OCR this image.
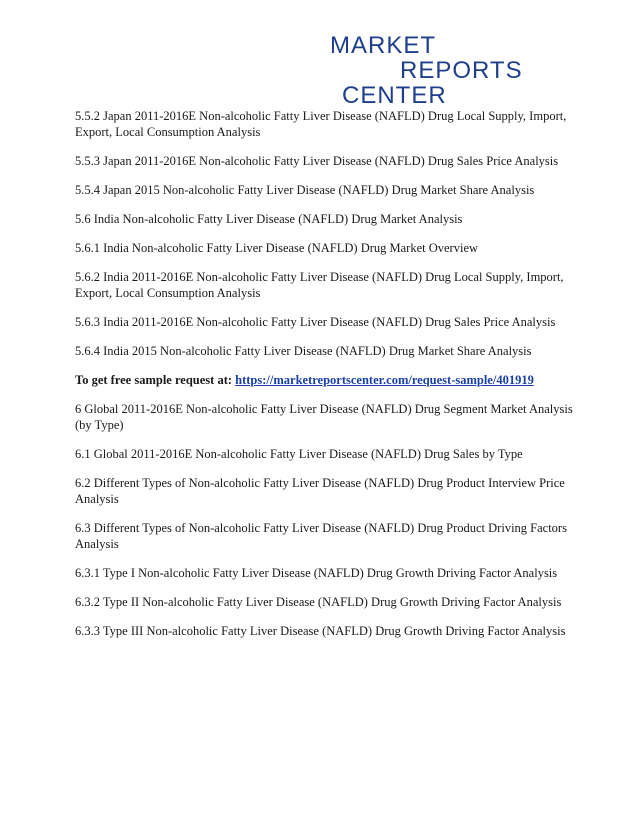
MARKET
REPORTS
CENTER

5.5.2 Japan 2011-2016E Non-alcoholic Fatty Liver Disease (NAFLD) Drug Local Supply, Import, Export, Local Consumption Analysis

5.5.3 Japan 2011-2016E Non-alcoholic Fatty Liver Disease (NAFLD) Drug Sales Price Analysis

5.5.4 Japan 2015 Non-alcoholic Fatty Liver Disease (NAFLD) Drug Market Share Analysis

5.6 India Non-alcoholic Fatty Liver Disease (NAFLD) Drug Market Analysis

5.6.1 India Non-alcoholic Fatty Liver Disease (NAFLD) Drug Market Overview

5.6.2 India 2011-2016E Non-alcoholic Fatty Liver Disease (NAFLD) Drug Local Supply, Import, Export, Local Consumption Analysis

5.6.3 India 2011-2016E Non-alcoholic Fatty Liver Disease (NAFLD) Drug Sales Price Analysis

5.6.4 India 2015 Non-alcoholic Fatty Liver Disease (NAFLD) Drug Market Share Analysis

To get free sample request at: https://marketreportscenter.com/request-sample/401919

6 Global 2011-2016E Non-alcoholic Fatty Liver Disease (NAFLD) Drug Segment Market Analysis (by Type)

6.1 Global 2011-2016E Non-alcoholic Fatty Liver Disease (NAFLD) Drug Sales by Type

6.2 Different Types of Non-alcoholic Fatty Liver Disease (NAFLD) Drug Product Interview Price Analysis

6.3 Different Types of Non-alcoholic Fatty Liver Disease (NAFLD) Drug Product Driving Factors Analysis

6.3.1 Type I Non-alcoholic Fatty Liver Disease (NAFLD) Drug Growth Driving Factor Analysis

6.3.2 Type II Non-alcoholic Fatty Liver Disease (NAFLD) Drug Growth Driving Factor Analysis

6.3.3 Type III Non-alcoholic Fatty Liver Disease (NAFLD) Drug Growth Driving Factor Analysis
